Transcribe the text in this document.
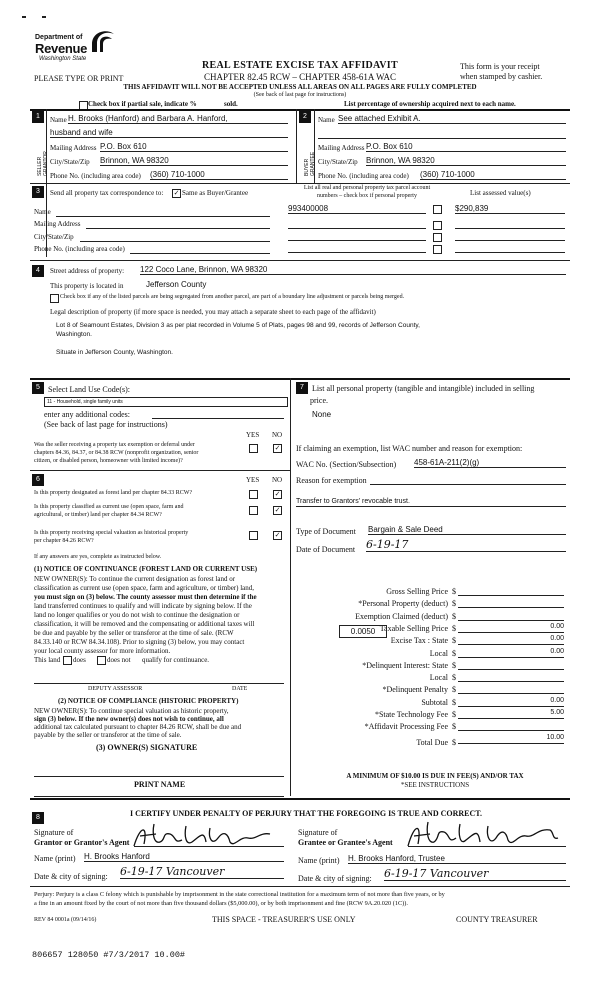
Department of
Revenue
Washington State
PLEASE TYPE OR PRINT
REAL ESTATE EXCISE TAX AFFIDAVIT
CHAPTER 82.45 RCW – CHAPTER 458-61A WAC
This form is your receipt
when stamped by cashier.
THIS AFFIDAVIT WILL NOT BE ACCEPTED UNLESS ALL AREAS ON ALL PAGES ARE FULLY COMPLETED
(See back of last page for instructions)
Check box if partial sale, indicate %	sold.	List percentage of ownership acquired next to each name.
1
SELLER GRANTOR
Name H. Brooks (Hanford) and Barbara A. Hanford,
husband and wife
Mailing Address P.O. Box 610
City/State/Zip Brinnon, WA 98320
Phone No. (including area code) (360) 710-1000
2
BUYER GRANTEE
Name See attached Exhibit A.
Mailing Address P.O. Box 610
City/State/Zip Brinnon, WA 98320
Phone No. (including area code) (360) 710-1000
3	Send all property tax correspondence to: ✓ Same as Buyer/Grantee
List all real and personal property tax parcel account
numbers – check box if personal property	List assessed value(s)
Name
Mailing Address
City/State/Zip
Phone No. (including area code)
993400008	$290,839
4	Street address of property: 122 Coco Lane, Brinnon, WA 98320
This property is located in	Jefferson County
Check box if any of the listed parcels are being segregated from another parcel, are part of a boundary line adjustment or parcels being merged.
Legal description of property (if more space is needed, you may attach a separate sheet to each page of the affidavit)
Lot 8 of Seamount Estates, Division 3 as per plat recorded in Volume 5 of Plats, pages 98 and 99, records of Jefferson County,
Washington.
Situate in Jefferson County, Washington.
5	Select Land Use Code(s):
11 - Household, single family units
enter any additional codes:
(See back of last page for instructions)
YES NO
Was the seller receiving a property tax exemption or deferral under
chapters 84.36, 84.37, or 84.38 RCW (nonprofit organization, senior
citizen, or disabled person, homeowner with limited income)?
✓
6	YES NO
Is this property designated as forest land per chapter 84.33 RCW?	✓
Is this property classified as current use (open space, farm and
agricultural, or timber) land per chapter 84.34 RCW?
✓
Is this property receiving special valuation as historical property
per chapter 84.26 RCW?
✓
If any answers are yes, complete as instructed below.
(1) NOTICE OF CONTINUANCE (FOREST LAND OR CURRENT USE)
NEW OWNER(S): To continue the current designation as forest land or
classification as current use (open space, farm and agriculture, or timber) land,
you must sign on (3) below. The county assessor must then determine if the
land transferred continues to qualify and will indicate by signing below. If the
land no longer qualifies or you do not wish to continue the designation or
classification, it will be removed and the compensating or additional taxes will
be due and payable by the seller or transferor at the time of sale. (RCW
84.33.140 or RCW 84.34.108). Prior to signing (3) below, you may contact
your local county assessor for more information.
This land does	does not qualify for continuance.
DEPUTY ASSESSOR	DATE
(2) NOTICE OF COMPLIANCE (HISTORIC PROPERTY)
NEW OWNER(S): To continue special valuation as historic property,
sign (3) below. If the new owner(s) does not wish to continue, all
additional tax calculated pursuant to chapter 84.26 RCW, shall be due and
payable by the seller or transferor at the time of sale.
(3) OWNER(S) SIGNATURE
PRINT NAME
7	List all personal property (tangible and intangible) included in selling
price.
None
If claiming an exemption, list WAC number and reason for exemption:
WAC No. (Section/Subsection) 458-61A-211(2)(g)
Reason for exemption
Transfer to Grantors' revocable trust.
Type of Document Bargain & Sale Deed
Date of Document 6-19-17
Gross Selling Price $
*Personal Property (deduct) $
Exemption Claimed (deduct) $
Taxable Selling Price $	0.00
Excise Tax : State $	0.00
Local $	0.00
*Delinquent Interest: State $
Local $
*Delinquent Penalty $
Subtotal $	0.00
*State Technology Fee $	5.00
*Affidavit Processing Fee $
Total Due $
10.00
0.0050
A MINIMUM OF $10.00 IS DUE IN FEE(S) AND/OR TAX
*SEE INSTRUCTIONS
8	I CERTIFY UNDER PENALTY OF PERJURY THAT THE FOREGOING IS TRUE AND CORRECT.
Signature of
Grantor or Grantor's Agent
Name (print) H. Brooks Hanford
Date & city of signing: 6-19-17 Vancouver
Signature of
Grantee or Grantee's Agent
Name (print) H. Brooks Hanford, Trustee
Date & city of signing: 6-19-17 Vancouver
Perjury: Perjury is a class C felony which is punishable by imprisonment in the state correctional institution for a maximum term of not more than five years, or by
a fine in an amount fixed by the court of not more than five thousand dollars ($5,000.00), or by both imprisonment and fine (RCW 9A.20.020 (1C)).
REV 84 0001a (09/14/16)	THIS SPACE - TREASURER'S USE ONLY	COUNTY TREASURER
806657 128050 #7/3/2017 10.00#
